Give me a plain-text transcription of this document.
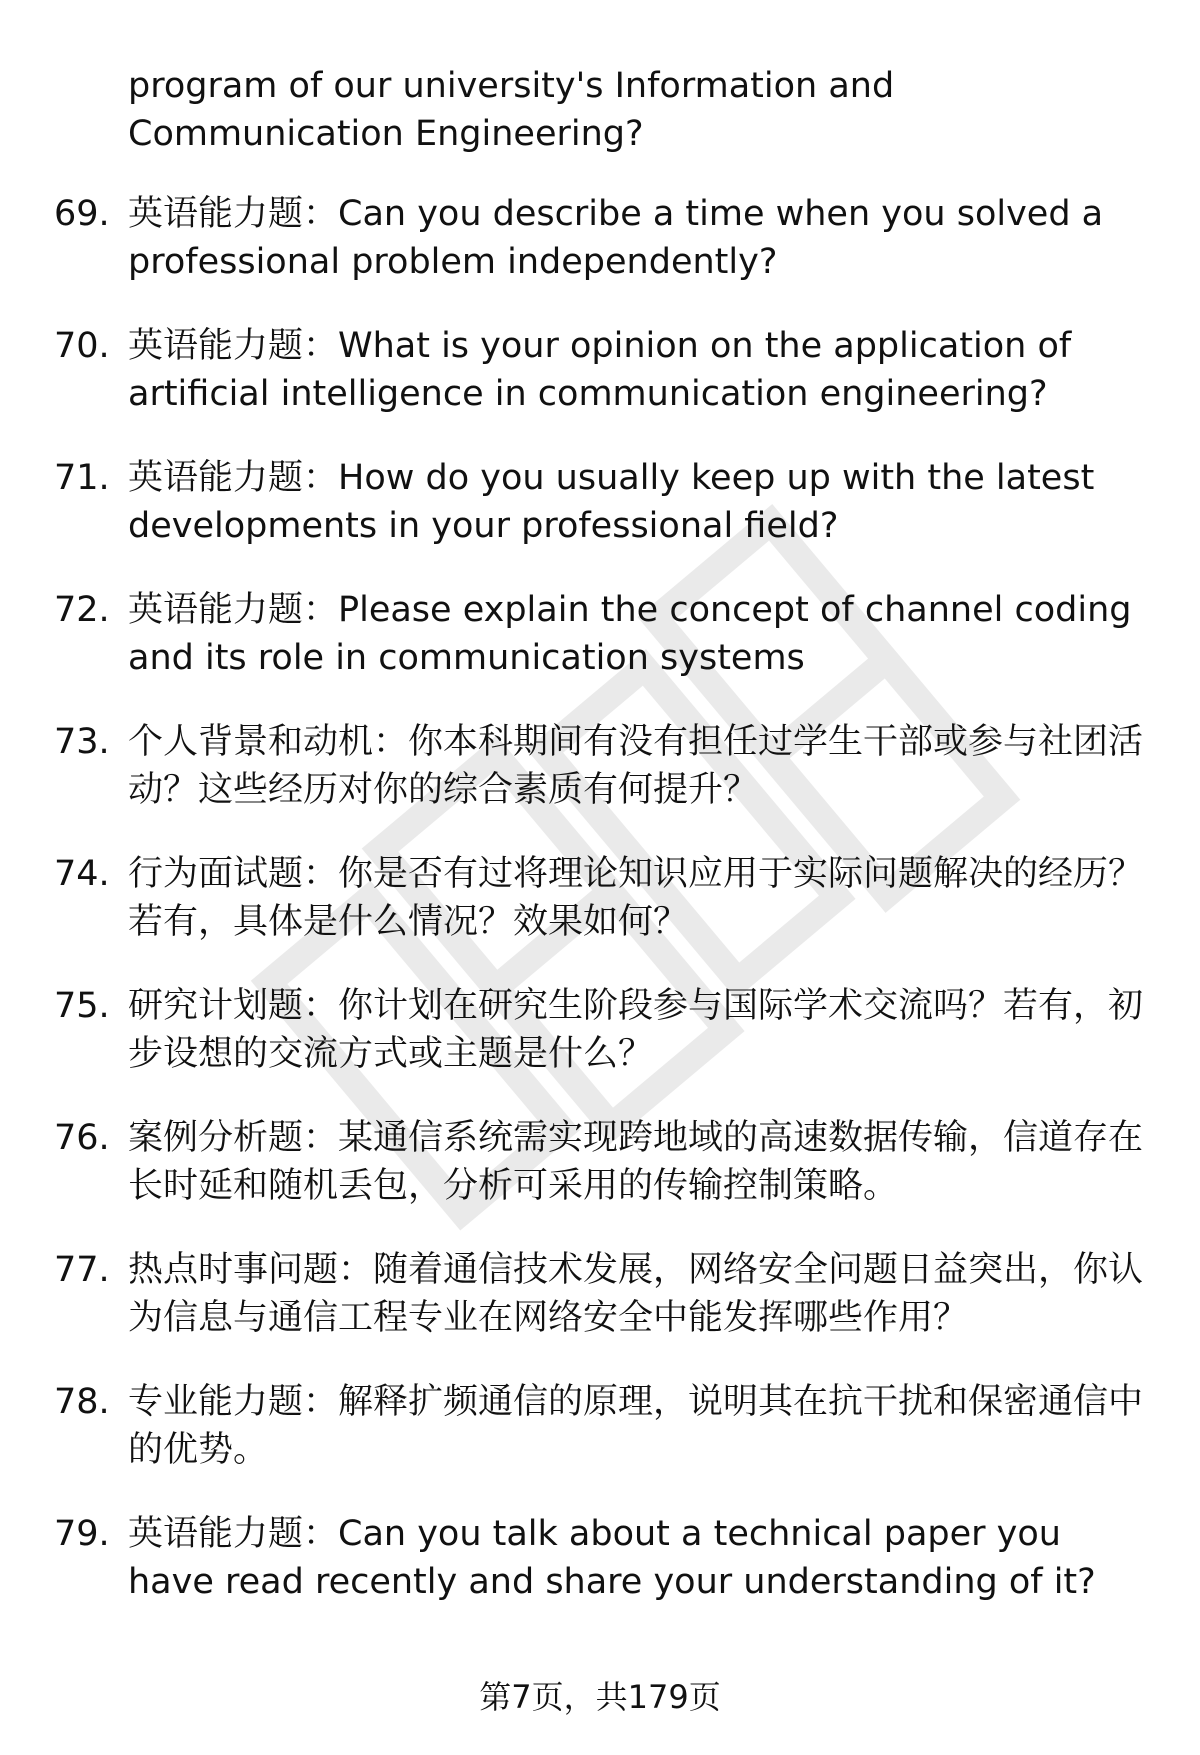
program of our university's Information and Communication Engineering?

69. 英语能力题：Can you describe a time when you solved a professional problem independently?

70. 英语能力题：What is your opinion on the application of artificial intelligence in communication engineering?

71. 英语能力题：How do you usually keep up with the latest developments in your professional field?

72. 英语能力题：Please explain the concept of channel coding and its role in communication systems

73. 个人背景和动机：你本科期间有没有担任过学生干部或参与社团活动？这些经历对你的综合素质有何提升？

74. 行为面试题：你是否有过将理论知识应用于实际问题解决的经历？若有，具体是什么情况？效果如何？

75. 研究计划题：你计划在研究生阶段参与国际学术交流吗？若有，初步设想的交流方式或主题是什么？

76. 案例分析题：某通信系统需实现跨地域的高速数据传输，信道存在长时延和随机丢包，分析可采用的传输控制策略。

77. 热点时事问题：随着通信技术发展，网络安全问题日益突出，你认为信息与通信工程专业在网络安全中能发挥哪些作用？

78. 专业能力题：解释扩频通信的原理，说明其在抗干扰和保密通信中的优势。

79. 英语能力题：Can you talk about a technical paper you have read recently and share your understanding of it?

第7页，共179页
